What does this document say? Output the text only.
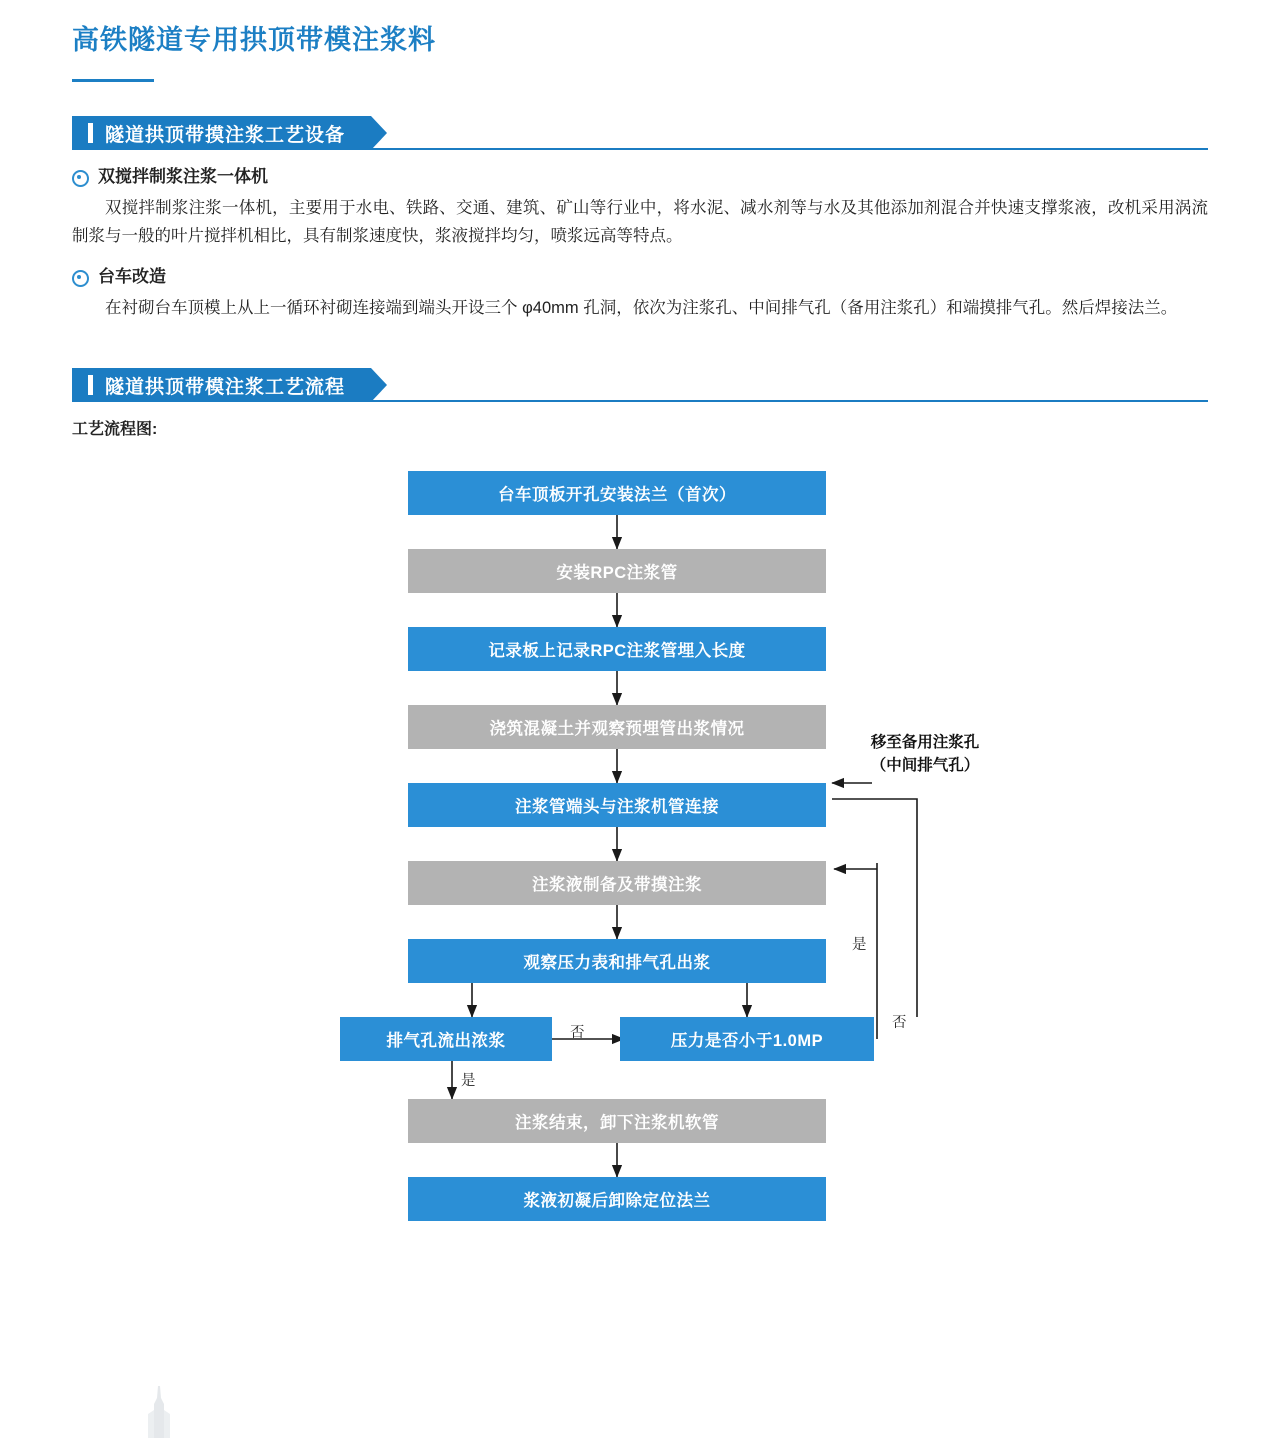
高铁隧道专用拱顶带模注浆料
隧道拱顶带摸注浆工艺设备
双搅拌制浆注浆一体机

双搅拌制浆注浆一体机，主要用于水电、铁路、交通、建筑、矿山等行业中，将水泥、减水剂等与水及其他添加剂混合并快速支撑浆液，改机采用涡流制浆与一般的叶片搅拌机相比，具有制浆速度快，浆液搅拌均匀，喷浆远高等特点。

台车改造

在衬砌台车顶模上从上一循环衬砌连接端到端头开设三个 φ40mm 孔洞，依次为注浆孔、中间排气孔（备用注浆孔）和端摸排气孔。然后焊接法兰。

隧道拱顶带模注浆工艺流程

工艺流程图:

台车顶板开孔安装法兰（首次）
安装RPC注浆管
记录板上记录RPC注浆管埋入长度
浇筑混凝土并观察预埋管出浆情况
注浆管端头与注浆机管连接
注浆液制备及带摸注浆
观察压力表和排气孔出浆
排气孔流出浓浆	压力是否小于1.0MP
注浆结束，卸下注浆机软管
浆液初凝后卸除定位法兰
否
是
是
否
移至备用注浆孔
（中间排气孔）
